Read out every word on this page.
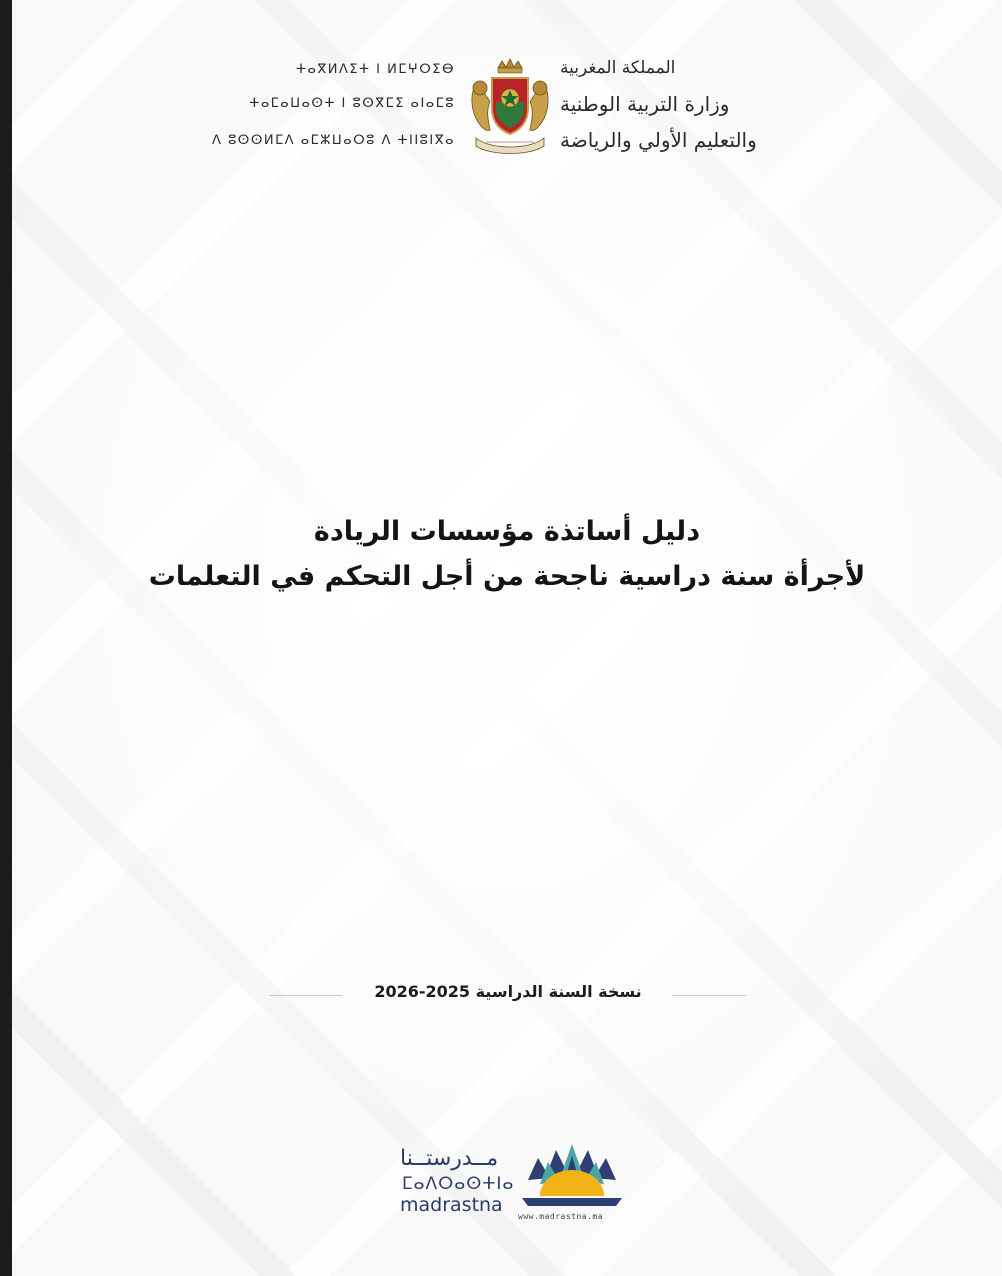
ⵜⴰⴳⵍⴷⵉⵜ ⵏ ⵍⵎⵖⵔⵉⴱ
ⵜⴰⵎⴰⵡⴰⵙⵜ ⵏ ⵓⵙⴳⵎⵉ ⴰⵏⴰⵎⵓ
ⴷ ⵓⵙⵙⵍⵎⴷ ⴰⵎⵣⵡⴰⵔⵓ ⴷ ⵜⵏⵏⵓⵏⴳⴰ
المملكة المغربية
وزارة التربية الوطنية
والتعليم الأولي والرياضة
دليل أساتذة مؤسسات الريادة
لأجرأة سنة دراسية ناجحة من أجل التحكم في التعلمات
نسخة السنة الدراسية 2025-2026
مــدرستــنا
ⵎⴰⴷⵔⴰⵙⵜⵏⴰ
madrastna
www.madrastna.ma
